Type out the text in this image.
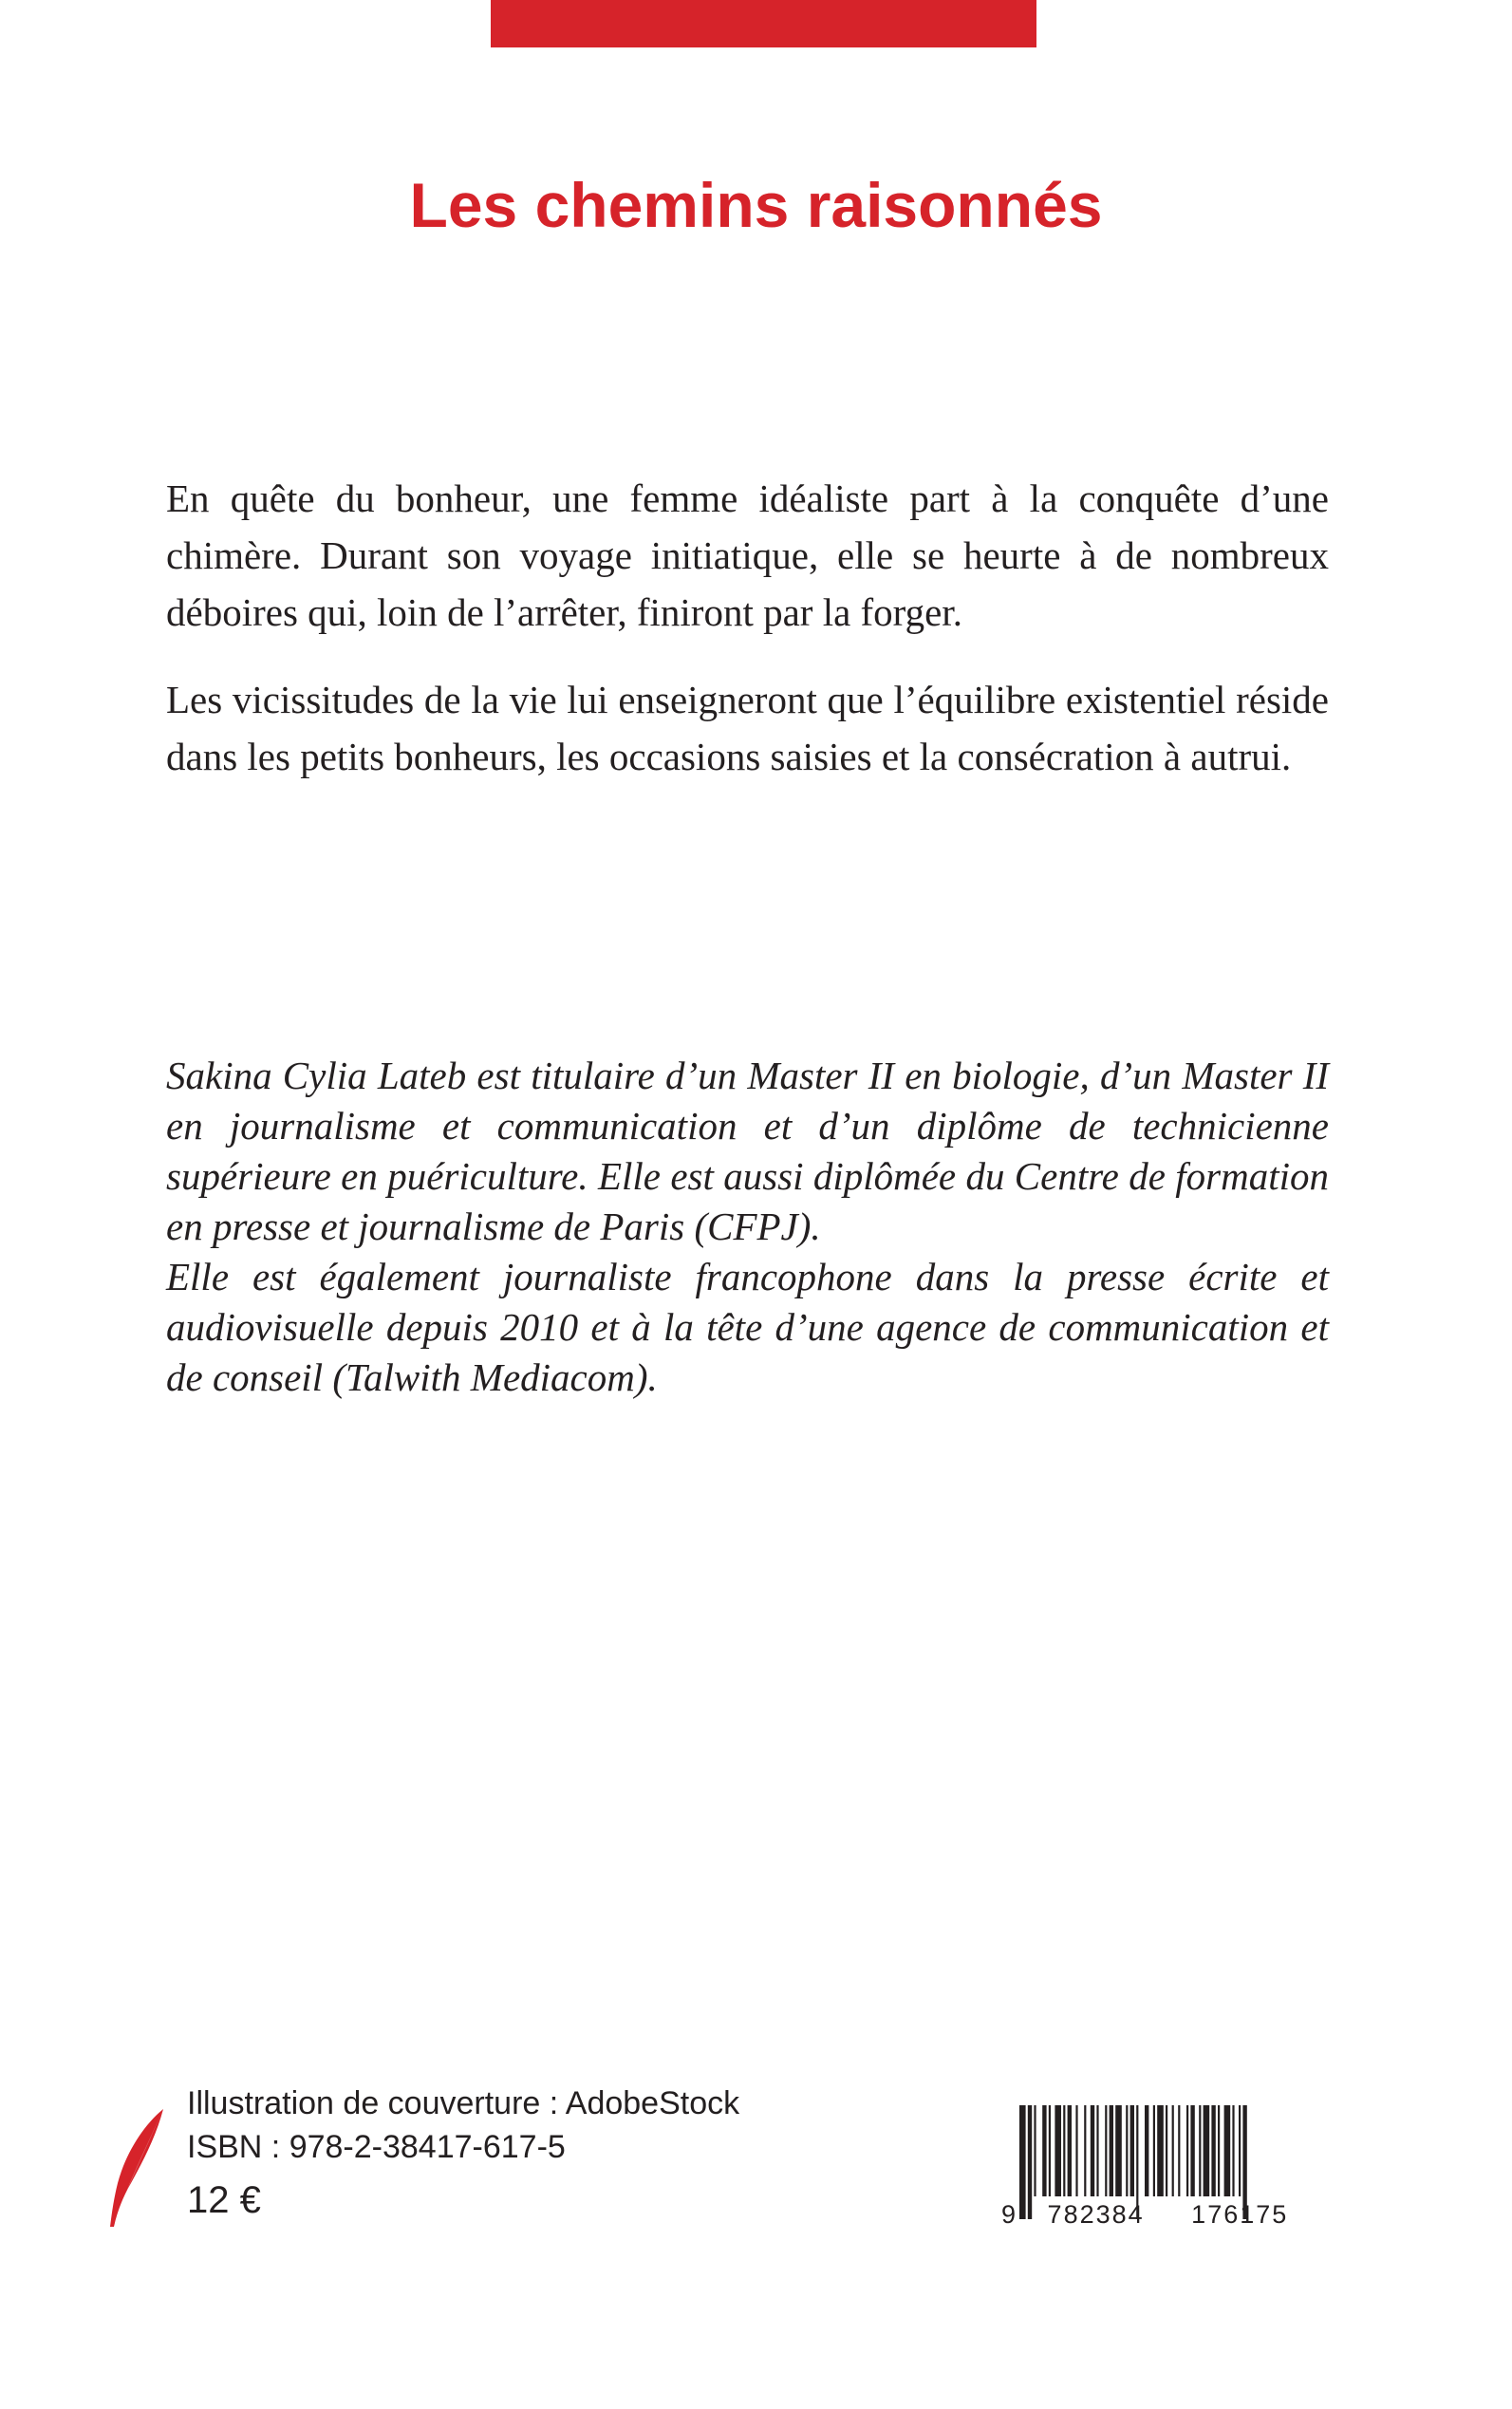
Les chemins raisonnés

En quête du bonheur, une femme idéaliste part à la conquête d’une chimère. Durant son voyage initiatique, elle se heurte à de nombreux déboires qui, loin de l’arrêter, finiront par la forger.

Les vicissitudes de la vie lui enseigneront que l’équilibre existentiel réside dans les petits bonheurs, les occasions saisies et la consécration à autrui.

Sakina Cylia Lateb est titulaire d’un Master II en biologie, d’un Master II en journalisme et communication et d’un diplôme de technicienne supérieure en puériculture. Elle est aussi diplômée du Centre de formation en presse et journalisme de Paris (CFPJ).

Elle est également journaliste francophone dans la presse écrite et audiovisuelle depuis 2010 et à la tête d’une agence de communication et de conseil (Talwith Mediacom).

Illustration de couverture : AdobeStock
ISBN : 978-2-38417-617-5
12 €	9 782384 176175
